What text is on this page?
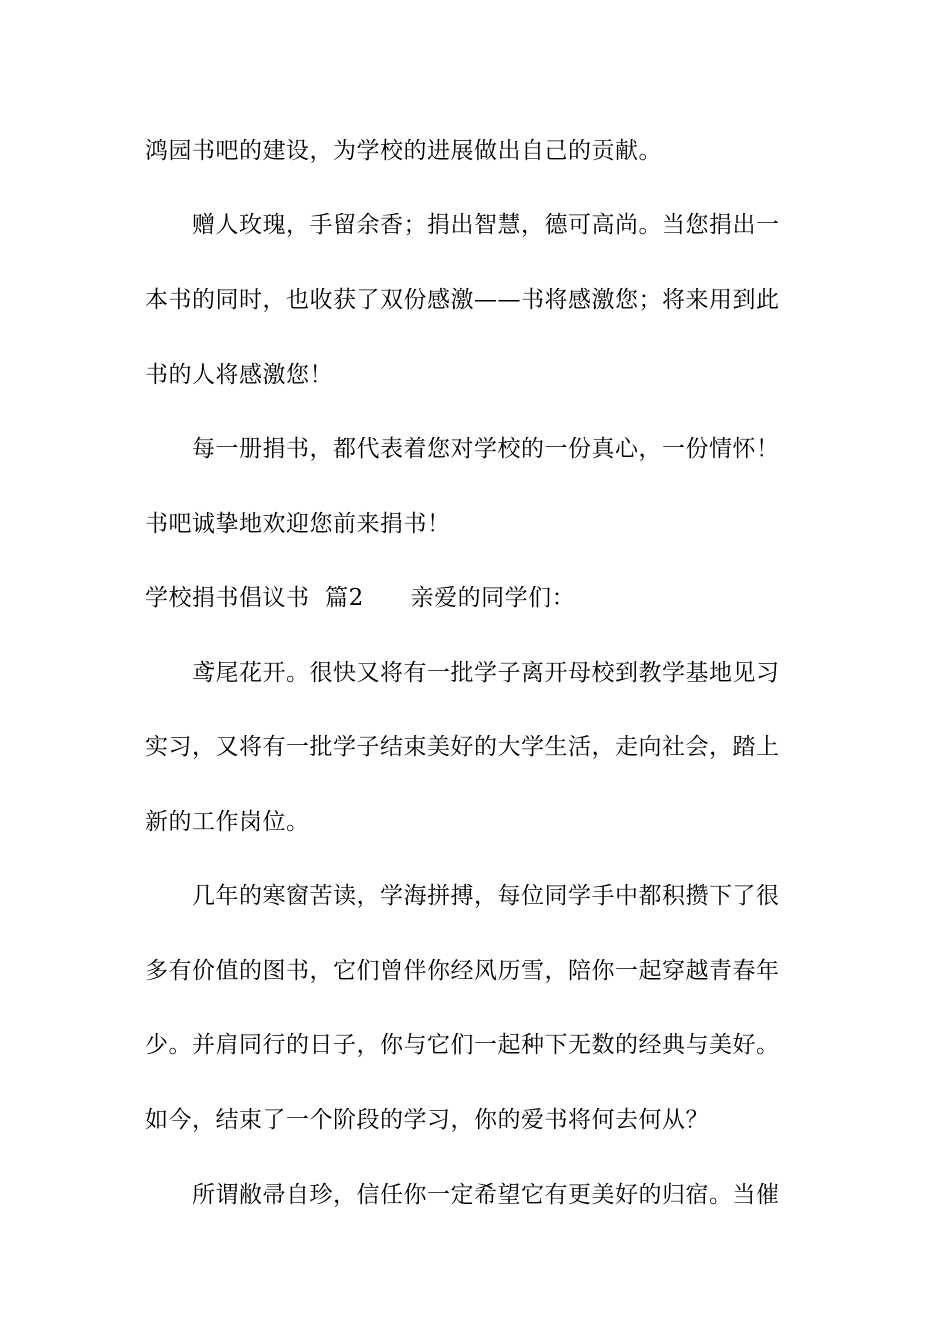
鸿园书吧的建设，为学校的进展做出自己的贡献。
赠人玫瑰，手留余香；捐出智慧，德可高尚。当您捐出一
本书的同时，也收获了双份感激——书将感激您；将来用到此
书的人将感激您！
每一册捐书，都代表着您对学校的一份真心，一份情怀！
书吧诚挚地欢迎您前来捐书！
学校捐书倡议书  篇2      亲爱的同学们：
鸢尾花开。很快又将有一批学子离开母校到教学基地见习
实习，又将有一批学子结束美好的大学生活，走向社会，踏上
新的工作岗位。
几年的寒窗苦读，学海拼搏，每位同学手中都积攒下了很
多有价值的图书，它们曾伴你经风历雪，陪你一起穿越青春年
少。并肩同行的日子，你与它们一起种下无数的经典与美好。
如今，结束了一个阶段的学习，你的爱书将何去何从？
所谓敝帚自珍，信任你一定希望它有更美好的归宿。当催
